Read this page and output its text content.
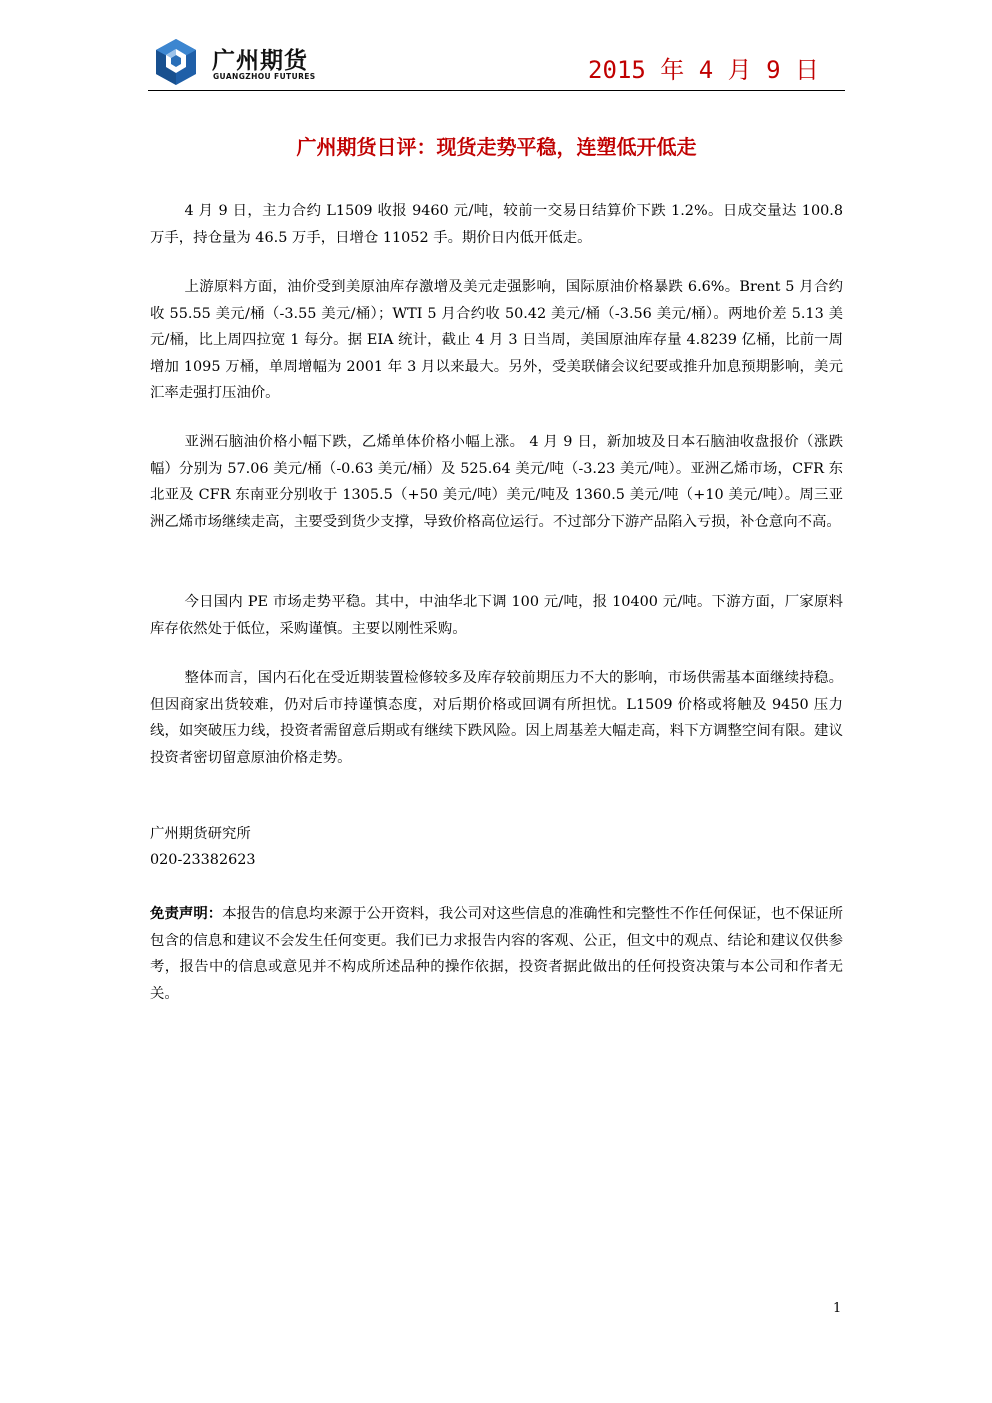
广州期货
GUANGZHOU FUTURES	2015 年 4 月 9 日
广州期货日评：现货走势平稳，连塑低开低走

4 月 9 日，主力合约 L1509 收报 9460 元/吨，较前一交易日结算价下跌 1.2%。日成交量达 100.8 万手，持仓量为 46.5 万手，日增仓 11052 手。期价日内低开低走。

上游原料方面，油价受到美原油库存激增及美元走强影响，国际原油价格暴跌 6.6%。Brent 5 月合约收 55.55 美元/桶（-3.55 美元/桶）；WTI 5 月合约收 50.42 美元/桶（-3.56 美元/桶）。两地价差 5.13 美元/桶，比上周四拉宽 1 每分。据 EIA 统计，截止 4 月 3 日当周，美国原油库存量 4.8239 亿桶，比前一周增加 1095 万桶，单周增幅为 2001 年 3 月以来最大。另外，受美联储会议纪要或推升加息预期影响，美元汇率走强打压油价。

亚洲石脑油价格小幅下跌，乙烯单体价格小幅上涨。 4 月 9 日，新加坡及日本石脑油收盘报价（涨跌幅）分别为 57.06 美元/桶（-0.63 美元/桶）及 525.64 美元/吨（-3.23 美元/吨）。亚洲乙烯市场，CFR 东北亚及 CFR 东南亚分别收于 1305.5（+50 美元/吨）美元/吨及 1360.5 美元/吨（+10 美元/吨）。周三亚洲乙烯市场继续走高，主要受到货少支撑，导致价格高位运行。不过部分下游产品陷入亏损，补仓意向不高。

今日国内 PE 市场走势平稳。其中，中油华北下调 100 元/吨，报 10400 元/吨。下游方面，厂家原料库存依然处于低位，采购谨慎。主要以刚性采购。

整体而言，国内石化在受近期装置检修较多及库存较前期压力不大的影响，市场供需基本面继续持稳。但因商家出货较难，仍对后市持谨慎态度，对后期价格或回调有所担忧。L1509 价格或将触及 9450 压力线，如突破压力线，投资者需留意后期或有继续下跌风险。因上周基差大幅走高，料下方调整空间有限。建议投资者密切留意原油价格走势。

广州期货研究所
020-23382623

免责声明：本报告的信息均来源于公开资料，我公司对这些信息的准确性和完整性不作任何保证，也不保证所包含的信息和建议不会发生任何变更。我们已力求报告内容的客观、公正，但文中的观点、结论和建议仅供参考，报告中的信息或意见并不构成所述品种的操作依据，投资者据此做出的任何投资决策与本公司和作者无关。

1
